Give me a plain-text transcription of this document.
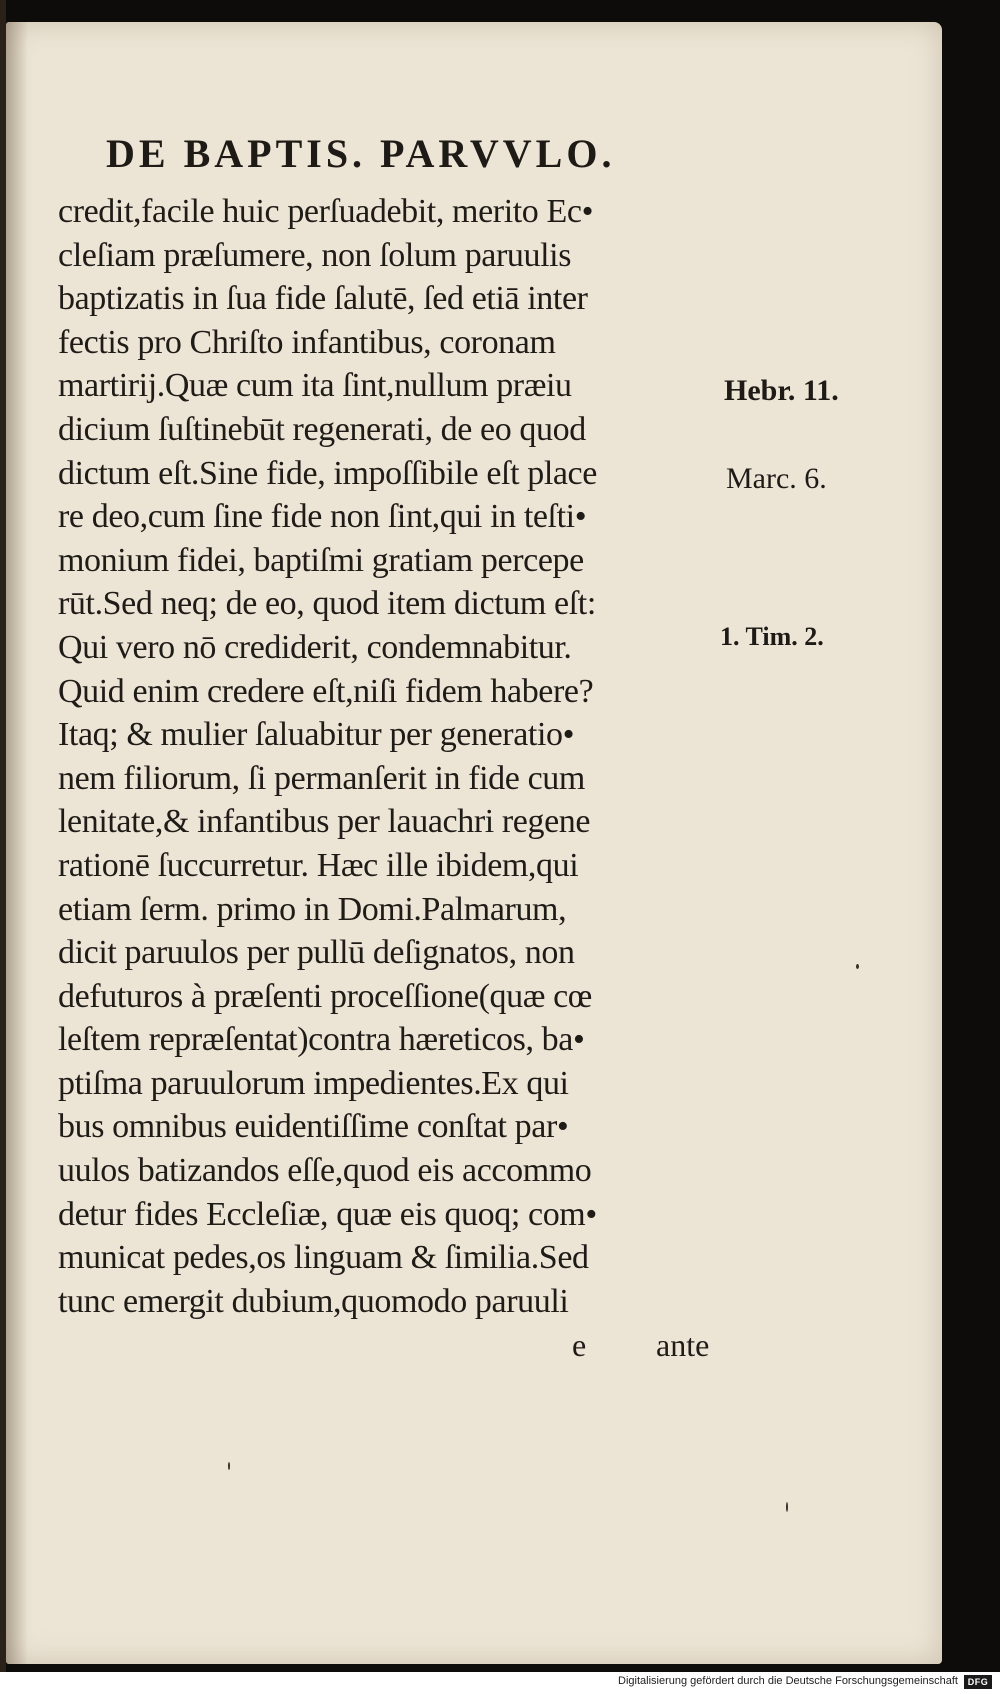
DE BAPTIS. PARVVLO.
credit,facile huic perſuadebit, merito Ec•
cleſiam præſumere, non ſolum paruulis
baptizatis in ſua fide ſalutē, ſed etiā inter
fectis pro Chriſto infantibus, coronam
martirij.Quæ cum ita ſint,nullum præiu
dicium ſuſtinebūt regenerati, de eo quod
dictum eſt.Sine fide, impoſſibile eſt place
re deo,cum ſine fide non ſint,qui in teſti•
monium fidei, baptiſmi gratiam percepe
rūt.Sed neq; de eo, quod item dictum eſt:
Qui vero nō crediderit, condemnabitur.
Quid enim credere eſt,niſi fidem habere?
Itaq; & mulier ſaluabitur per generatio•
nem filiorum, ſi permanſerit in fide cum
lenitate,& infantibus per lauachri regene
rationē ſuccurretur. Hæc ille ibidem,qui
etiam ſerm. primo in Domi.Palmarum,
dicit paruulos per pullū deſignatos, non
defuturos à præſenti proceſſione(quæ cœ
leſtem repræſentat)contra hæreticos, ba•
ptiſma paruulorum impedientes.Ex qui
bus omnibus euidentiſſime conſtat par•
uulos batizandos eſſe,quod eis accommo
detur fides Eccleſiæ, quæ eis quoq; com•
municat pedes,os linguam & ſimilia.Sed
tunc emergit dubium,quomodo paruuli
Hebr. 11.
Marc. 6.
1. Tim. 2.
e ante
Digitalisierung gefördert durch die Deutsche Forschungsgemeinschaft	DFG
